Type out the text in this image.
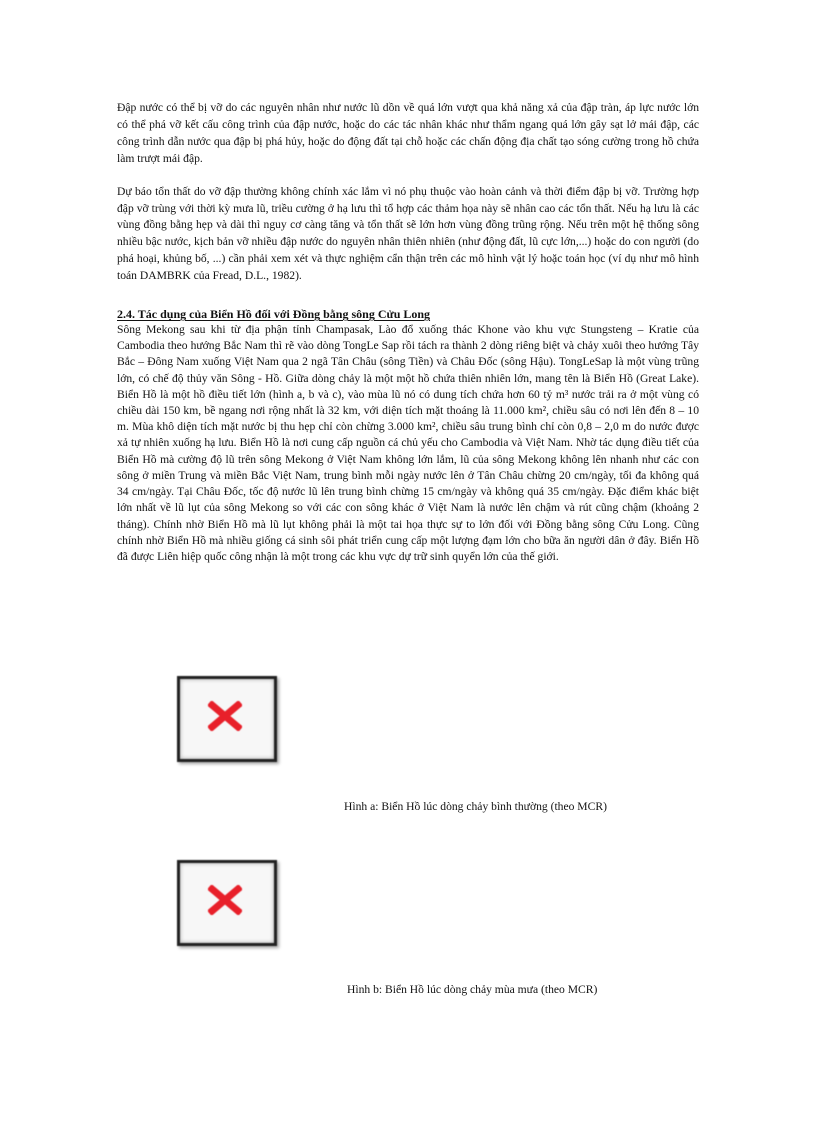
Đập nước có thể bị vỡ do các nguyên nhân như nước lũ dồn về quá lớn vượt qua khả năng xả của đập tràn, áp lực nước lớn có thể phá vỡ kết cấu công trình của đập nước, hoặc do các tác nhân khác như thẩm ngang quá lớn gây sạt lở mái đập, các công trình dẫn nước qua đập bị phá hủy, hoặc do động đất tại chỗ hoặc các chấn động địa chất tạo sóng cường trong hồ chứa làm trượt mái đập.

Dự báo tổn thất do vỡ đập thường không chính xác lắm vì nó phụ thuộc vào hoàn cảnh và thời điểm đập bị vỡ. Trường hợp đập vỡ trùng với thời kỳ mưa lũ, triều cường ở hạ lưu thì tổ hợp các thảm họa này sẽ nhân cao các tổn thất. Nếu hạ lưu là các vùng đồng bằng hẹp và dài thì nguy cơ càng tăng và tổn thất sẽ lớn hơn vùng đồng trũng rộng. Nếu trên một hệ thống sông nhiều bậc nước, kịch bản vỡ nhiều đập nước do nguyên nhân thiên nhiên (như động đất, lũ cực lớn,...) hoặc do con người (do phá hoại, khủng bố, ...) cần phải xem xét và thực nghiệm cẩn thận trên các mô hình vật lý hoặc toán học (ví dụ như mô hình toán DAMBRK của Fread, D.L., 1982).

2.4. Tác dụng của Biển Hồ đối với Đồng bằng sông Cửu Long

Sông Mekong sau khi từ địa phận tỉnh Champasak, Lào đổ xuống thác Khone vào khu vực Stungsteng – Kratie của Cambodia theo hướng Bắc Nam thì rẽ vào dòng TongLe Sap rồi tách ra thành 2 dòng riêng biệt và chảy xuôi theo hướng Tây Bắc – Đông Nam xuống Việt Nam qua 2 ngã Tân Châu (sông Tiền) và Châu Đốc (sông Hậu). TongLeSap là một vùng trũng lớn, có chế độ thủy văn Sông - Hồ. Giữa dòng chảy là một một hồ chứa thiên nhiên lớn, mang tên là Biển Hồ (Great Lake). Biển Hồ là một hồ điều tiết lớn (hình a, b và c), vào mùa lũ nó có dung tích chứa hơn 60 tỷ m³ nước trải ra ở một vùng có chiều dài 150 km, bề ngang nơi rộng nhất là 32 km, với diện tích mặt thoáng là 11.000 km², chiều sâu có nơi lên đến 8 – 10 m. Mùa khô diện tích mặt nước bị thu hẹp chỉ còn chừng 3.000 km², chiều sâu trung bình chỉ còn 0,8 – 2,0 m do nước được xả tự nhiên xuống hạ lưu. Biển Hồ là nơi cung cấp nguồn cá chủ yếu cho Cambodia và Việt Nam. Nhờ tác dụng điều tiết của Biển Hồ mà cường độ lũ trên sông Mekong ở Việt Nam không lớn lắm, lũ của sông Mekong không lên nhanh như các con sông ở miền Trung và miền Bắc Việt Nam, trung bình mỗi ngày nước lên ở Tân Châu chừng 20 cm/ngày, tối đa không quá 34 cm/ngày. Tại Châu Đốc, tốc độ nước lũ lên trung bình chừng 15 cm/ngày và không quá 35 cm/ngày. Đặc điểm khác biệt lớn nhất về lũ lụt của sông Mekong so với các con sông khác ở Việt Nam là nước lên chậm và rút cũng chậm (khoảng 2 tháng). Chính nhờ Biển Hồ mà lũ lụt không phải là một tai họa thực sự to lớn đối với Đồng bằng sông Cửu Long. Cũng chính nhờ Biển Hồ mà nhiều giống cá sinh sôi phát triển cung cấp một lượng đạm lớn cho bữa ăn người dân ở đây. Biển Hồ đã được Liên hiệp quốc công nhận là một trong các khu vực dự trữ sinh quyển lớn của thế giới.

Hình a: Biển Hồ lúc dòng chảy bình thường (theo MCR)
Hình b: Biển Hồ lúc dòng chảy mùa mưa (theo MCR)
